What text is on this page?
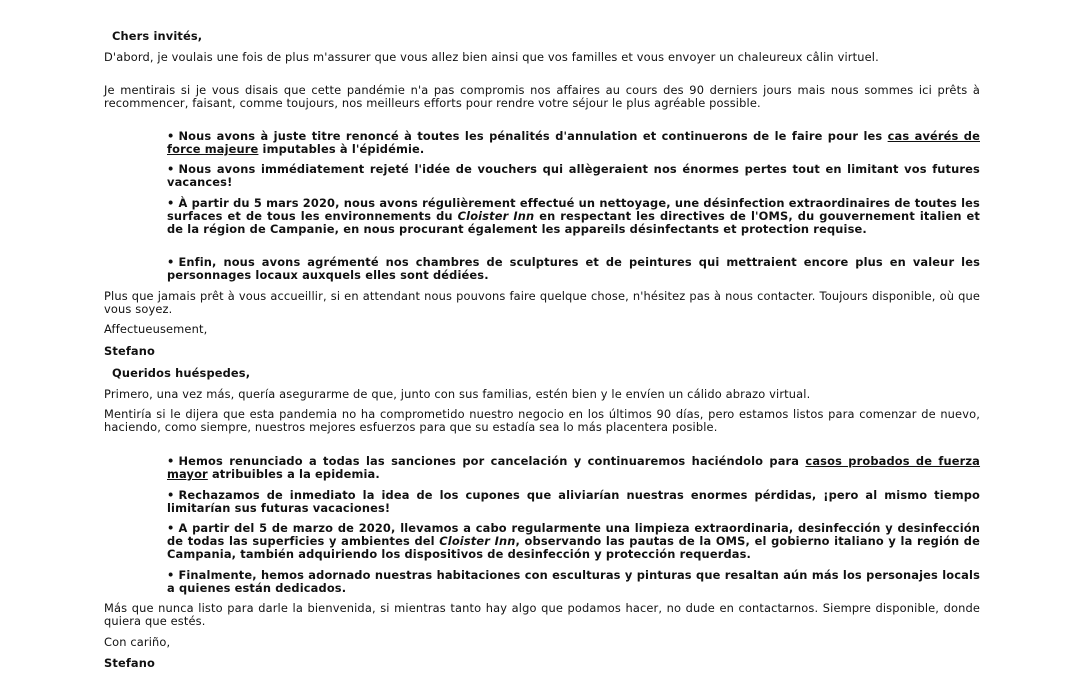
Chers invités,

D'abord, je voulais une fois de plus m'assurer que vous allez bien ainsi que vos familles et vous envoyer un chaleureux câlin virtuel.

Je mentirais si je vous disais que cette pandémie n'a pas compromis nos affaires au cours des 90 derniers jours mais nous sommes ici prêts à recommencer, faisant, comme toujours, nos meilleurs efforts pour rendre votre séjour le plus agréable possible.

• Nous avons à juste titre renoncé à toutes les pénalités d'annulation et continuerons de le faire pour les cas avérés de force majeure imputables à l'épidémie.

• Nous avons immédiatement rejeté l'idée de vouchers qui allègeraient nos énormes pertes tout en limitant vos futures vacances!

• À partir du 5 mars 2020, nous avons régulièrement effectué un nettoyage, une désinfection extraordinaires de toutes les surfaces et de tous les environnements du Cloister Inn en respectant les directives de l'OMS, du gouvernement italien et de la région de Campanie, en nous procurant également les appareils désinfectants et protection requise.

• Enfin, nous avons agrémenté nos chambres de sculptures et de peintures qui mettraient encore plus en valeur les personnages locaux auxquels elles sont dédiées.

Plus que jamais prêt à vous accueillir, si en attendant nous pouvons faire quelque chose, n'hésitez pas à nous contacter. Toujours disponible, où que vous soyez.

Affectueusement,

Stefano

Queridos huéspedes,

Primero, una vez más, quería asegurarme de que, junto con sus familias, estén bien y le envíen un cálido abrazo virtual.

Mentiría si le dijera que esta pandemia no ha comprometido nuestro negocio en los últimos 90 días, pero estamos listos para comenzar de nuevo, haciendo, como siempre, nuestros mejores esfuerzos para que su estadía sea lo más placentera posible.

• Hemos renunciado a todas las sanciones por cancelación y continuaremos haciéndolo para casos probados de fuerza mayor atribuibles a la epidemia.

• Rechazamos de inmediato la idea de los cupones que aliviarían nuestras enormes pérdidas, ¡pero al mismo tiempo limitarían sus futuras vacaciones!

• A partir del 5 de marzo de 2020, llevamos a cabo regularmente una limpieza extraordinaria, desinfección y desinfección de todas las superficies y ambientes del Cloister Inn, observando las pautas de la OMS, el gobierno italiano y la región de Campania, también adquiriendo los dispositivos de desinfección y protección requerdas.

• Finalmente, hemos adornado nuestras habitaciones con esculturas y pinturas que resaltan aún más los personajes locals a quienes están dedicados.

Más que nunca listo para darle la bienvenida, si mientras tanto hay algo que podamos hacer, no dude en contactarnos. Siempre disponible, donde quiera que estés.

Con cariño,

Stefano
